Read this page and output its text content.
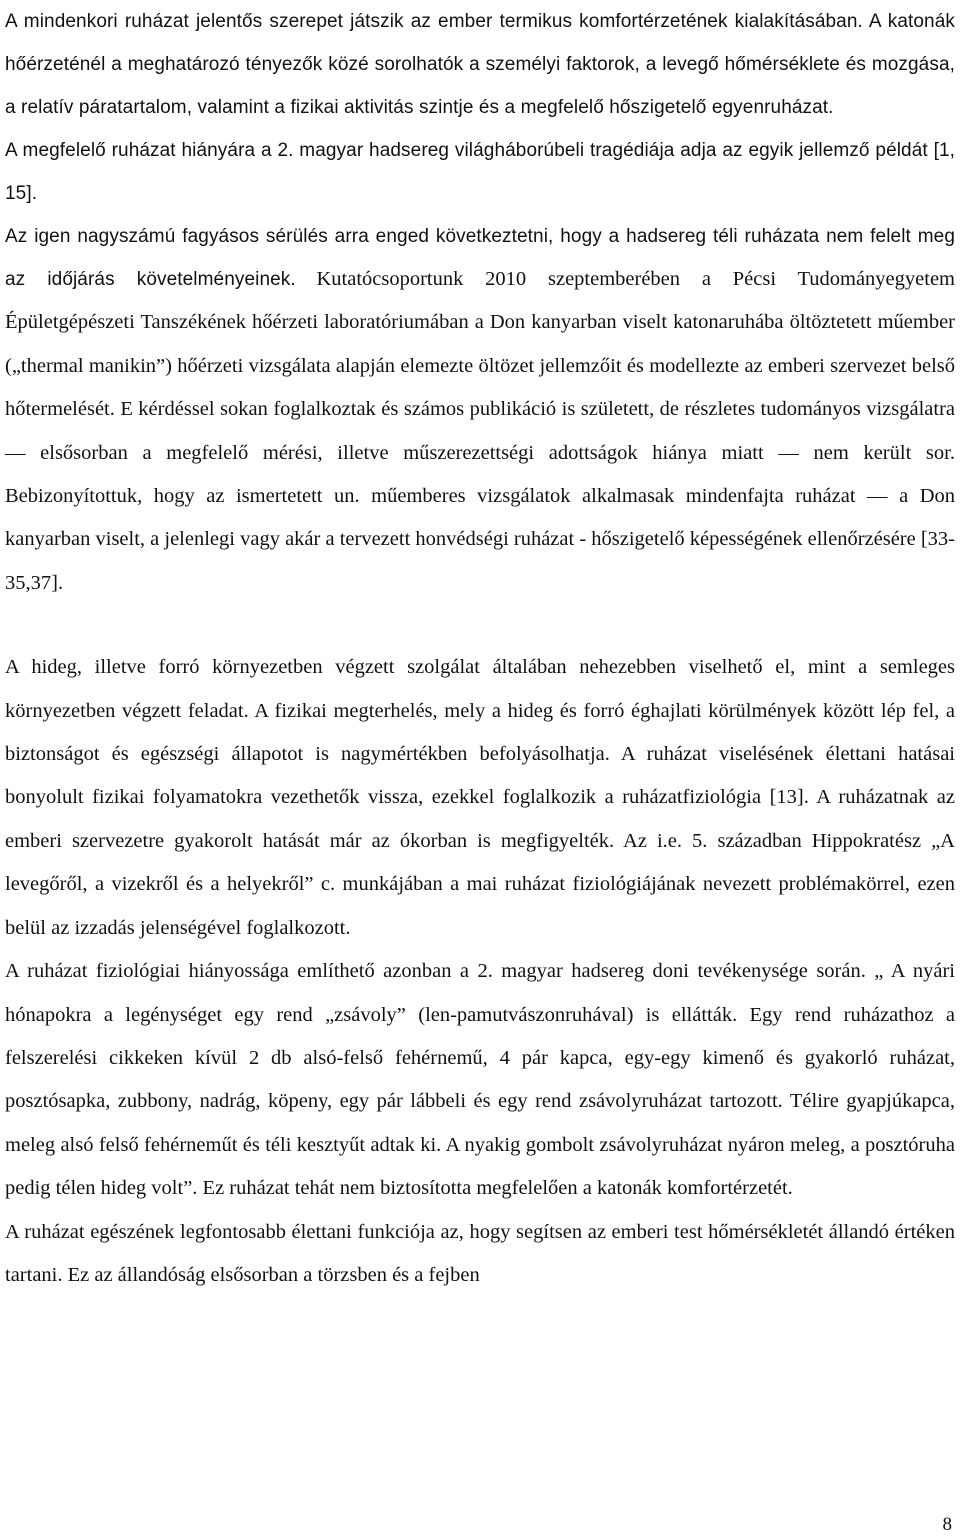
A mindenkori ruházat jelentős szerepet játszik az ember termikus komfortérzetének kialakításában. A katonák hőérzeténél a meghatározó tényezők közé sorolhatók a személyi faktorok, a levegő hőmérséklete és mozgása, a relatív páratartalom, valamint a fizikai aktivitás szintje és a megfelelő hőszigetelő egyenruházat.

A megfelelő ruházat hiányára a 2. magyar hadsereg világháborúbeli tragédiája adja az egyik jellemző példát [1, 15].

Az igen nagyszámú fagyásos sérülés arra enged következtetni, hogy a hadsereg téli ruházata nem felelt meg az időjárás követelményeinek. Kutatócsoportunk 2010 szeptemberében a Pécsi Tudományegyetem Épületgépészeti Tanszékének hőérzeti laboratóriumában a Don kanyarban viselt katonaruhába öltöztetett műember („thermal manikin”) hőérzeti vizsgálata alapján elemezte öltözet jellemzőit és modellezte az emberi szervezet belső hőtermelését. E kérdéssel sokan foglalkoztak és számos publikáció is született, de részletes tudományos vizsgálatra — elsősorban a megfelelő mérési, illetve műszerezettségi adottságok hiánya miatt — nem került sor. Bebizonyítottuk, hogy az ismertetett un. műemberes vizsgálatok alkalmasak mindenfajta ruházat — a Don kanyarban viselt, a jelenlegi vagy akár a tervezett honvédségi ruházat - hőszigetelő képességének ellenőrzésére [33-35,37].

A hideg, illetve forró környezetben végzett szolgálat általában nehezebben viselhető el, mint a semleges környezetben végzett feladat. A fizikai megterhelés, mely a hideg és forró éghajlati körülmények között lép fel, a biztonságot és egészségi állapotot is nagymértékben befolyásolhatja. A ruházat viselésének élettani hatásai bonyolult fizikai folyamatokra vezethetők vissza, ezekkel foglalkozik a ruházatfiziológia [13]. A ruházatnak az emberi szervezetre gyakorolt hatását már az ókorban is megfigyelték. Az i.e. 5. században Hippokratész „A levegőről, a vizekről és a helyekről” c. munkájában a mai ruházat fiziológiájának nevezett problémakörrel, ezen belül az izzadás jelenségével foglalkozott.

A ruházat fiziológiai hiányossága említhető azonban a 2. magyar hadsereg doni tevékenysége során. „ A nyári hónapokra a legénységet egy rend „zsávoly” (len-pamutvászonruhával) is ellátták. Egy rend ruházathoz a felszerelési cikkeken kívül 2 db alsó-felső fehérnemű, 4 pár kapca, egy-egy kimenő és gyakorló ruházat, posztósapka, zubbony, nadrág, köpeny, egy pár lábbeli és egy rend zsávolyruházat tartozott. Télire gyapjúkapca, meleg alsó felső fehérneműt és téli kesztyűt adtak ki. A nyakig gombolt zsávolyruházat nyáron meleg, a posztóruha pedig télen hideg volt”. Ez ruházat tehát nem biztosította megfelelően a katonák komfortérzetét.

A ruházat egészének legfontosabb élettani funkciója az, hogy segítsen az emberi test hőmérsékletét állandó értéken tartani. Ez az állandóság elsősorban a törzsben és a fejben

8
